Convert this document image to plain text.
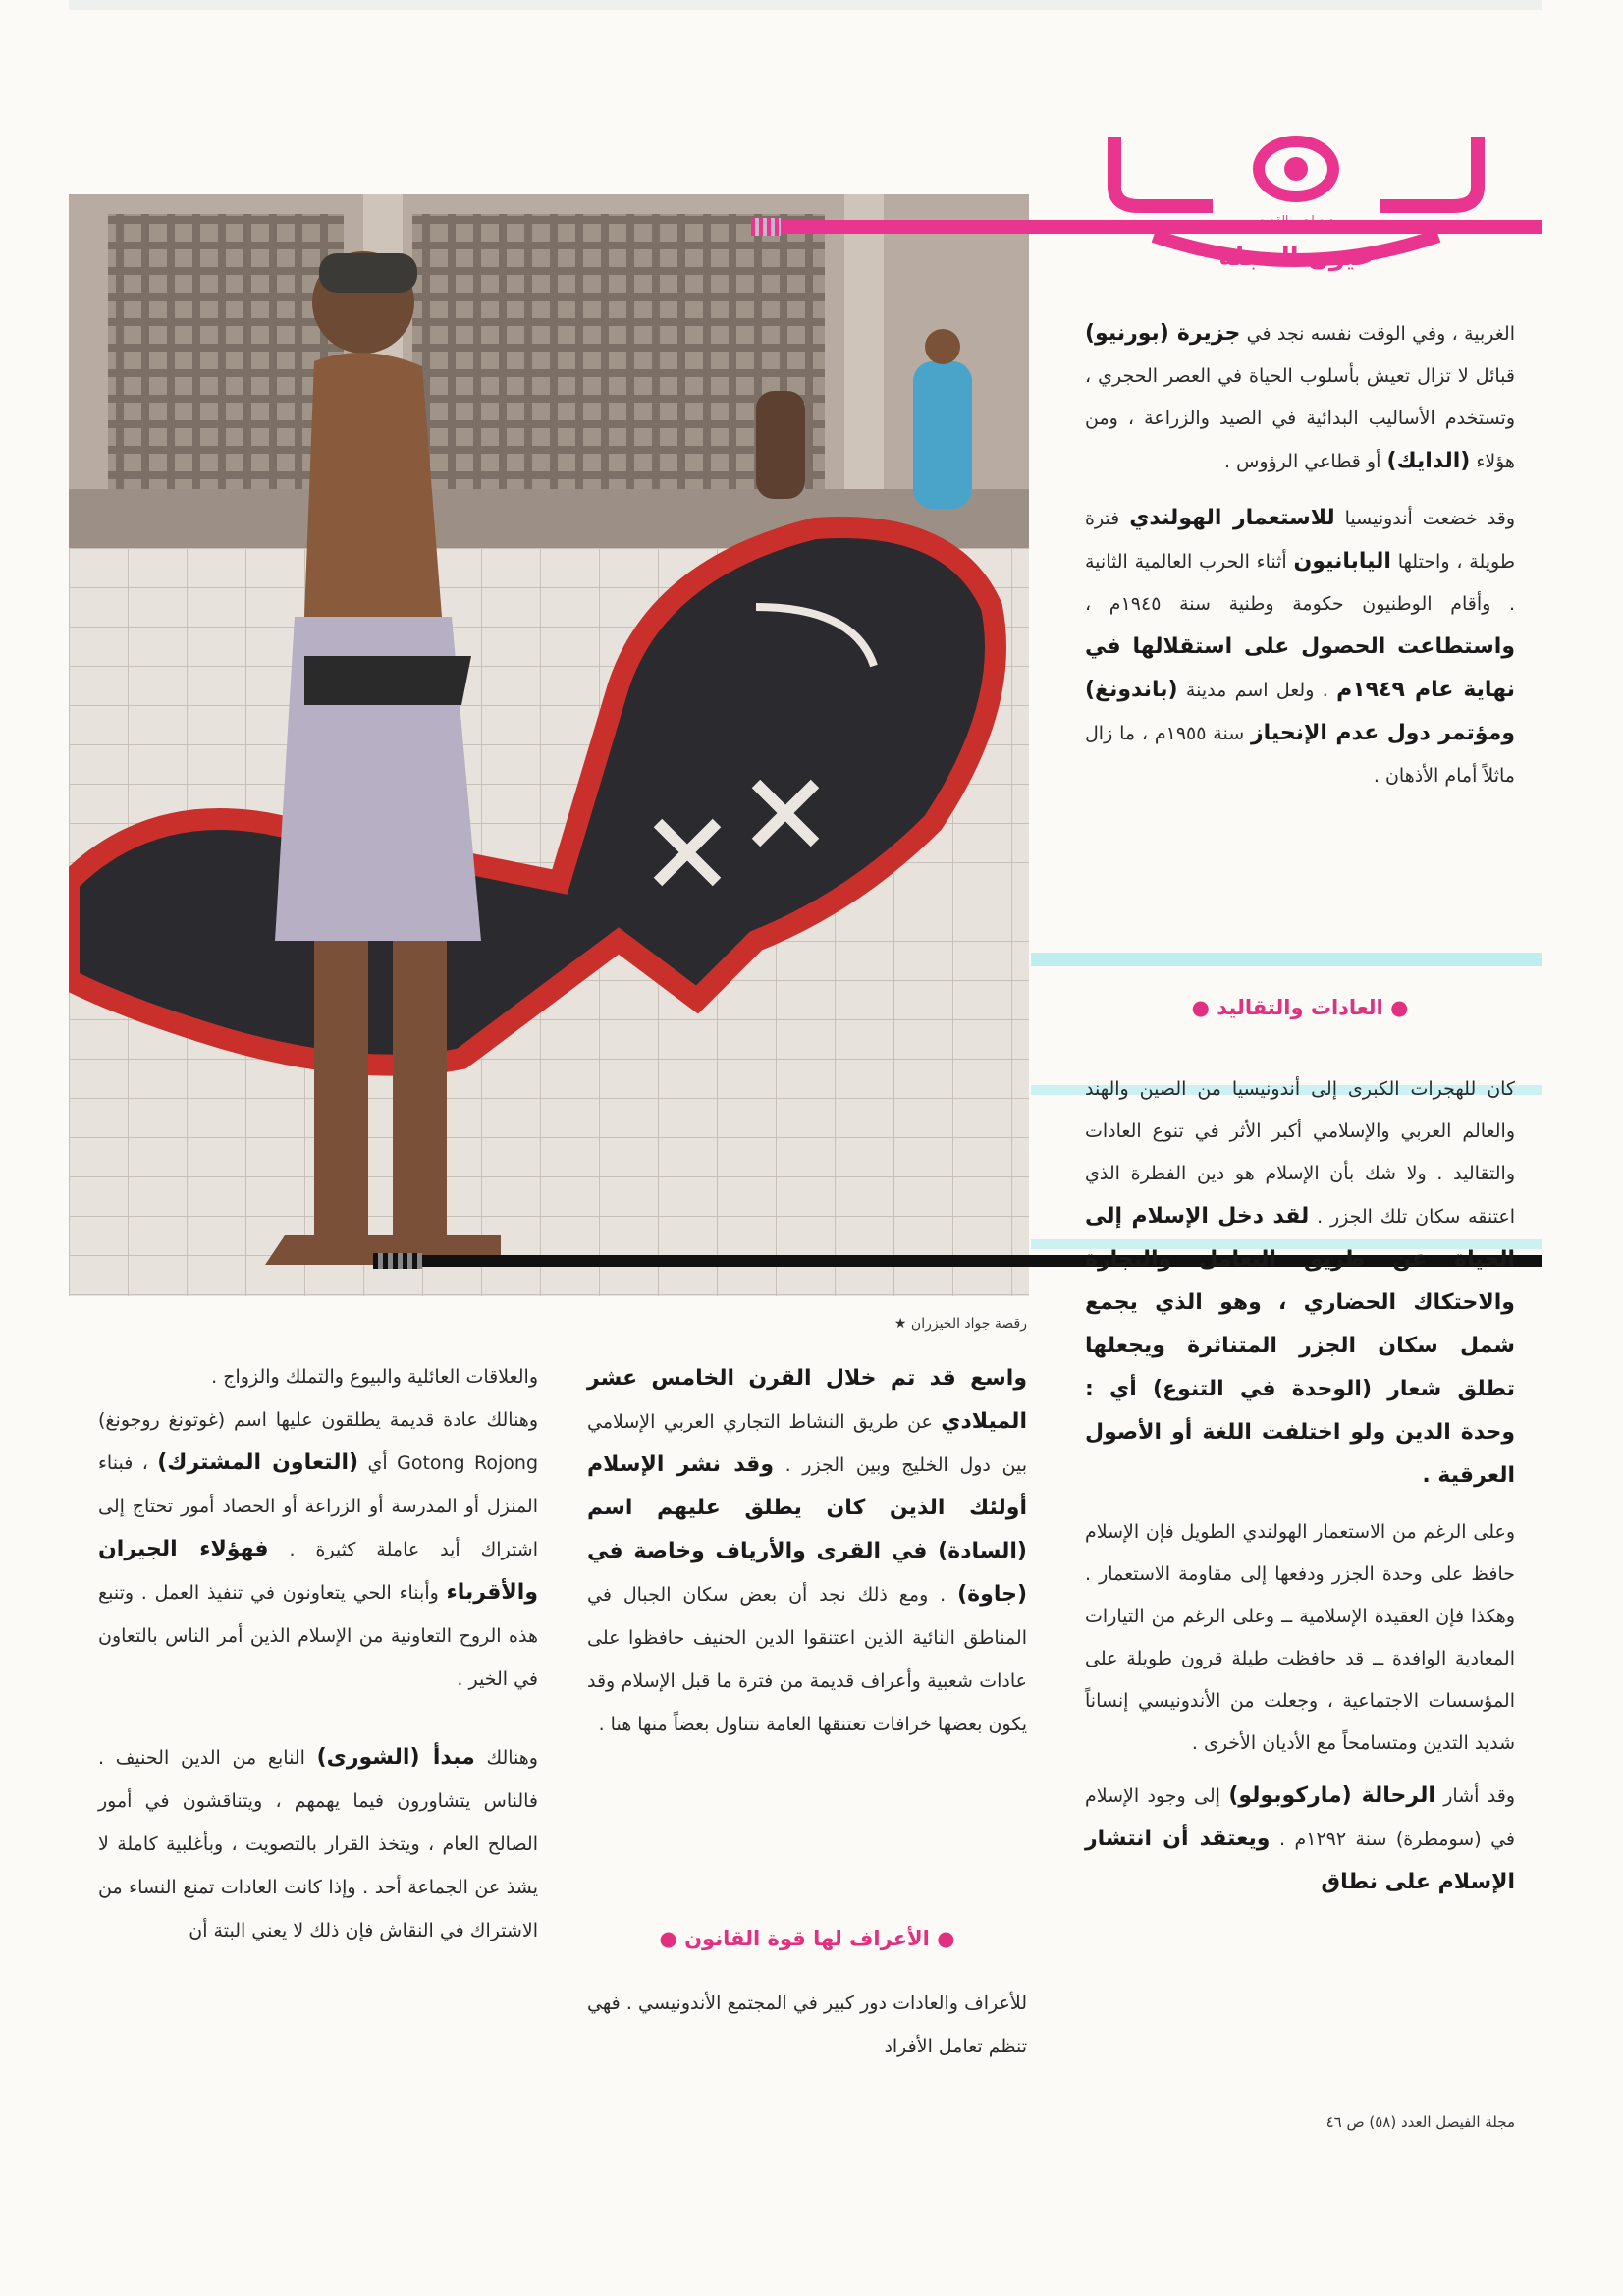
عيون المجلة

الغربية ، وفي الوقت نفسه نجد في جزيرة (بورنيو) قبائل لا تزال تعيش بأسلوب الحياة في العصر الحجري ، وتستخدم الأساليب البدائية في الصيد والزراعة ، ومن هؤلاء (الدايك) أو قطاعي الرؤوس .

وقد خضعت أندونيسيا للاستعمار الهولندي فترة طويلة ، واحتلها اليابانيون أثناء الحرب العالمية الثانية . وأقام الوطنيون حكومة وطنية سنة ١٩٤٥م ، واستطاعت الحصول على استقلالها في نهاية عام ١٩٤٩م . ولعل اسم مدينة (باندونغ) ومؤتمر دول عدم الإنحياز سنة ١٩٥٥م ، ما زال ماثلاً أمام الأذهان .

● العادات والتقاليد ●

كان للهجرات الكبرى إلى أندونيسيا من الصين والهند والعالم العربي والإسلامي أكبر الأثر في تنوع العادات والتقاليد . ولا شك بأن الإسلام هو دين الفطرة الذي اعتنقه سكان تلك الجزر . لقد دخل الإسلام إلى الحياة عن طريق التعامل والتجارة والاحتكاك الحضاري ، وهو الذي يجمع شمل سكان الجزر المتناثرة ويجعلها تطلق شعار (الوحدة في التنوع) أي : وحدة الدين ولو اختلفت اللغة أو الأصول العرقية .

وعلى الرغم من الاستعمار الهولندي الطويل فإن الإسلام حافظ على وحدة الجزر ودفعها إلى مقاومة الاستعمار . وهكذا فإن العقيدة الإسلامية ــ وعلى الرغم من التيارات المعادية الوافدة ــ قد حافظت طيلة قرون طويلة على المؤسسات الاجتماعية ، وجعلت من الأندونيسي إنساناً شديد التدين ومتسامحاً مع الأديان الأخرى .

وقد أشار الرحالة (ماركوبولو) إلى وجود الإسلام في (سومطرة) سنة ١٢٩٢م . ويعتقد أن انتشار الإسلام على نطاق

رقصة جواد الخيزران ★

واسع قد تم خلال القرن الخامس عشر الميلادي عن طريق النشاط التجاري العربي الإسلامي بين دول الخليج وبين الجزر . وقد نشر الإسلام أولئك الذين كان يطلق عليهم اسم (السادة) في القرى والأرياف وخاصة في (جاوة) . ومع ذلك نجد أن بعض سكان الجبال في المناطق النائية الذين اعتنقوا الدين الحنيف حافظوا على عادات شعبية وأعراف قديمة من فترة ما قبل الإسلام وقد يكون بعضها خرافات تعتنقها العامة نتناول بعضاً منها هنا .

● الأعراف لها قوة القانون ●

للأعراف والعادات دور كبير في المجتمع الأندونيسي . فهي تنظم تعامل الأفراد

والعلاقات العائلية والبيوع والتملك والزواج .

وهنالك عادة قديمة يطلقون عليها اسم (غوتونغ روجونغ) Gotong Rojong أي (التعاون المشترك) ، فبناء المنزل أو المدرسة أو الزراعة أو الحصاد أمور تحتاج إلى اشتراك أيد عاملة كثيرة . فهؤلاء الجيران والأقرباء وأبناء الحي يتعاونون في تنفيذ العمل . وتنبع هذه الروح التعاونية من الإسلام الذين أمر الناس بالتعاون في الخير .

وهنالك مبدأ (الشورى) النابع من الدين الحنيف . فالناس يتشاورون فيما يهمهم ، ويتناقشون في أمور الصالح العام ، ويتخذ القرار بالتصويت ، وبأغلبية كاملة لا يشذ عن الجماعة أحد . وإذا كانت العادات تمنع النساء من الاشتراك في النقاش فإن ذلك لا يعني البتة أن

مجلة الفيصل العدد (٥٨) ص ٤٦
